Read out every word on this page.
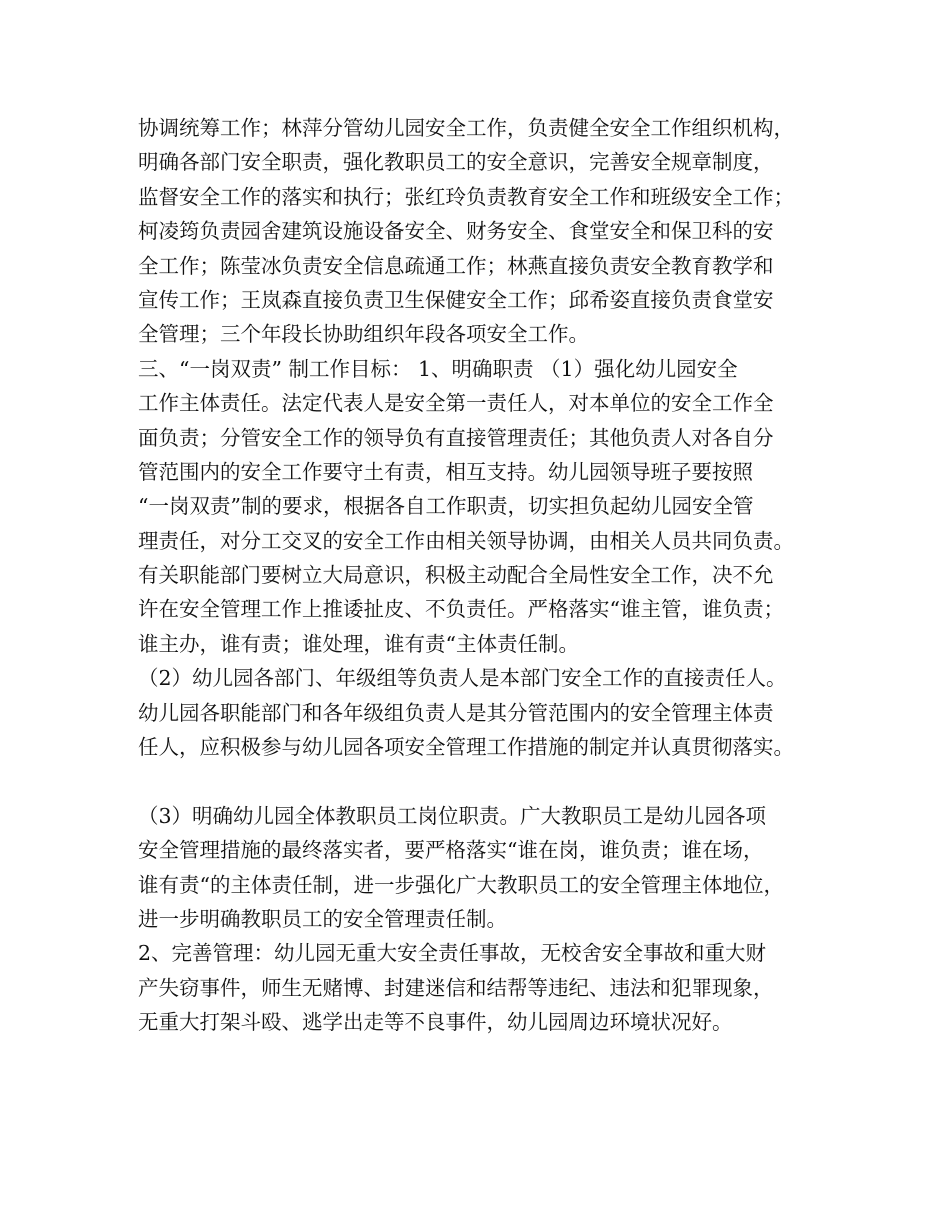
协调统筹工作；林萍分管幼儿园安全工作，负责健全安全工作组织机构，
明确各部门安全职责，强化教职员工的安全意识，完善安全规章制度，
监督安全工作的落实和执行；张红玲负责教育安全工作和班级安全工作；
柯凌筠负责园舍建筑设施设备安全、财务安全、食堂安全和保卫科的安
全工作；陈莹冰负责安全信息疏通工作；林燕直接负责安全教育教学和
宣传工作；王岚森直接负责卫生保健安全工作；邱希姿直接负责食堂安
全管理；三个年段长协助组织年段各项安全工作。
三、“一岗双责” 制工作目标： 1、明确职责 （1）强化幼儿园安全
工作主体责任。法定代表人是安全第一责任人，对本单位的安全工作全
面负责；分管安全工作的领导负有直接管理责任；其他负责人对各自分
管范围内的安全工作要守土有责，相互支持。幼儿园领导班子要按照
“一岗双责”制的要求，根据各自工作职责，切实担负起幼儿园安全管
理责任，对分工交叉的安全工作由相关领导协调，由相关人员共同负责。
有关职能部门要树立大局意识，积极主动配合全局性安全工作，决不允
许在安全管理工作上推诿扯皮、不负责任。严格落实“谁主管，谁负责；
谁主办，谁有责；谁处理，谁有责“主体责任制。
（2）幼儿园各部门、年级组等负责人是本部门安全工作的直接责任人。
幼儿园各职能部门和各年级组负责人是其分管范围内的安全管理主体责
任人，应积极参与幼儿园各项安全管理工作措施的制定并认真贯彻落实。
（3）明确幼儿园全体教职员工岗位职责。广大教职员工是幼儿园各项
安全管理措施的最终落实者，要严格落实“谁在岗，谁负责；谁在场，
谁有责“的主体责任制，进一步强化广大教职员工的安全管理主体地位，
进一步明确教职员工的安全管理责任制。
2、完善管理：幼儿园无重大安全责任事故，无校舍安全事故和重大财
产失窃事件，师生无赌博、封建迷信和结帮等违纪、违法和犯罪现象，
无重大打架斗殴、逃学出走等不良事件，幼儿园周边环境状况好。
